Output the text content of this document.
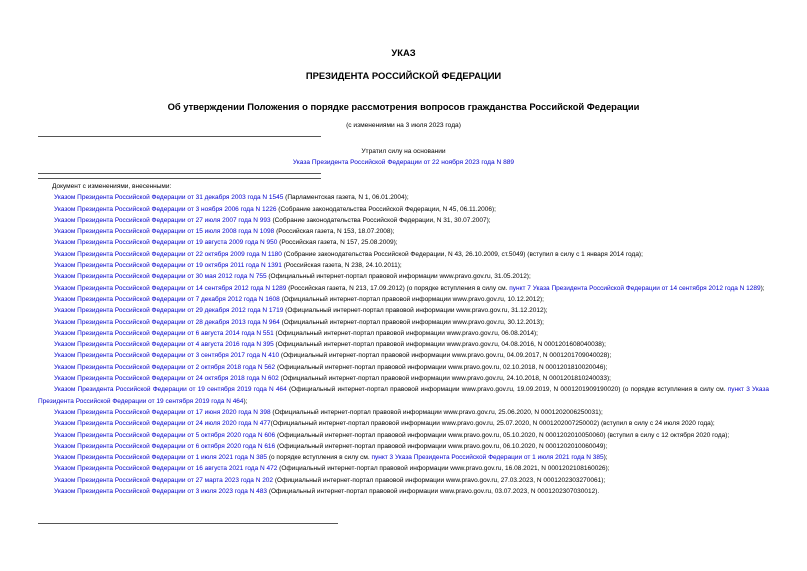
УКАЗ
ПРЕЗИДЕНТА РОССИЙСКОЙ ФЕДЕРАЦИИ
Об утверждении Положения о порядке рассмотрения вопросов гражданства Российской Федерации
(с изменениями на 3 июля 2023 года)
Утратил силу на основании
Указа Президента Российской Федерации от 22 ноября 2023 года N 889
Документ с изменениями, внесенными:
Указом Президента Российской Федерации от 31 декабря 2003 года N 1545 (Парламентская газета, N 1, 06.01.2004);
Указом Президента Российской Федерации от 3 ноября 2006 года N 1226 (Собрание законодательства Российской Федерации, N 45, 06.11.2006);
Указом Президента Российской Федерации от 27 июля 2007 года N 993 (Собрание законодательства Российской Федерации, N 31, 30.07.2007);
Указом Президента Российской Федерации от 15 июля 2008 года N 1098 (Российская газета, N 153, 18.07.2008);
Указом Президента Российской Федерации от 19 августа 2009 года N 950 (Российская газета, N 157, 25.08.2009);
Указом Президента Российской Федерации от 22 октября 2009 года N 1180 (Собрание законодательства Российской Федерации, N 43, 26.10.2009, ст.5049) (вступил в силу с 1 января 2014 года);
Указом Президента Российской Федерации от 19 октября 2011 года N 1391 (Российская газета, N 238, 24.10.2011);
Указом Президента Российской Федерации от 30 мая 2012 года N 755 (Официальный интернет-портал правовой информации www.pravo.gov.ru, 31.05.2012);
Указом Президента Российской Федерации от 14 сентября 2012 года N 1289 (Российская газета, N 213, 17.09.2012) (о порядке вступления в силу см. пункт 7 Указа Президента Российской Федерации от 14 сентября 2012 года N 1289);
Указом Президента Российской Федерации от 7 декабря 2012 года N 1608 (Официальный интернет-портал правовой информации www.pravo.gov.ru, 10.12.2012);
Указом Президента Российской Федерации от 29 декабря 2012 года N 1719 (Официальный интернет-портал правовой информации www.pravo.gov.ru, 31.12.2012);
Указом Президента Российской Федерации от 28 декабря 2013 года N 964 (Официальный интернет-портал правовой информации www.pravo.gov.ru, 30.12.2013);
Указом Президента Российской Федерации от 6 августа 2014 года N 551 (Официальный интернет-портал правовой информации www.pravo.gov.ru, 06.08.2014);
Указом Президента Российской Федерации от 4 августа 2016 года N 395 (Официальный интернет-портал правовой информации www.pravo.gov.ru, 04.08.2016, N 0001201608040038);
Указом Президента Российской Федерации от 3 сентября 2017 года N 410 (Официальный интернет-портал правовой информации www.pravo.gov.ru, 04.09.2017, N 0001201709040028);
Указом Президента Российской Федерации от 2 октября 2018 года N 562 (Официальный интернет-портал правовой информации www.pravo.gov.ru, 02.10.2018, N 0001201810020046);
Указом Президента Российской Федерации от 24 октября 2018 года N 602 (Официальный интернет-портал правовой информации www.pravo.gov.ru, 24.10.2018, N 0001201810240033);
Указом Президента Российской Федерации от 19 сентября 2019 года N 464 (Официальный интернет-портал правовой информации www.pravo.gov.ru, 19.09.2019, N 0001201909190020) (о порядке вступления в силу см. пункт 3 Указа Президента Российской Федерации от 19 сентября 2019 года N 464);
Указом Президента Российской Федерации от 17 июня 2020 года N 398 (Официальный интернет-портал правовой информации www.pravo.gov.ru, 25.06.2020, N 0001202006250031);
Указом Президента Российской Федерации от 24 июля 2020 года N 477(Официальный интернет-портал правовой информации www.pravo.gov.ru, 25.07.2020, N 0001202007250002) (вступил в силу с 24 июля 2020 года);
Указом Президента Российской Федерации от 5 октября 2020 года N 606 (Официальный интернет-портал правовой информации www.pravo.gov.ru, 05.10.2020, N 0001202010050060) (вступил в силу с 12 октября 2020 года);
Указом Президента Российской Федерации от 6 октября 2020 года N 616 (Официальный интернет-портал правовой информации www.pravo.gov.ru, 06.10.2020, N 0001202010060049);
Указом Президента Российской Федерации от 1 июля 2021 года N 385 (о порядке вступления в силу см. пункт 3 Указа Президента Российской Федерации от 1 июля 2021 года N 385);
Указом Президента Российской Федерации от 16 августа 2021 года N 472 (Официальный интернет-портал правовой информации www.pravo.gov.ru, 16.08.2021, N 0001202108160026);
Указом Президента Российской Федерации от 27 марта 2023 года N 202 (Официальный интернет-портал правовой информации www.pravo.gov.ru, 27.03.2023, N 0001202303270061);
Указом Президента Российской Федерации от 3 июля 2023 года N 483 (Официальный интернет-портал правовой информации www.pravo.gov.ru, 03.07.2023, N 0001202307030012).
